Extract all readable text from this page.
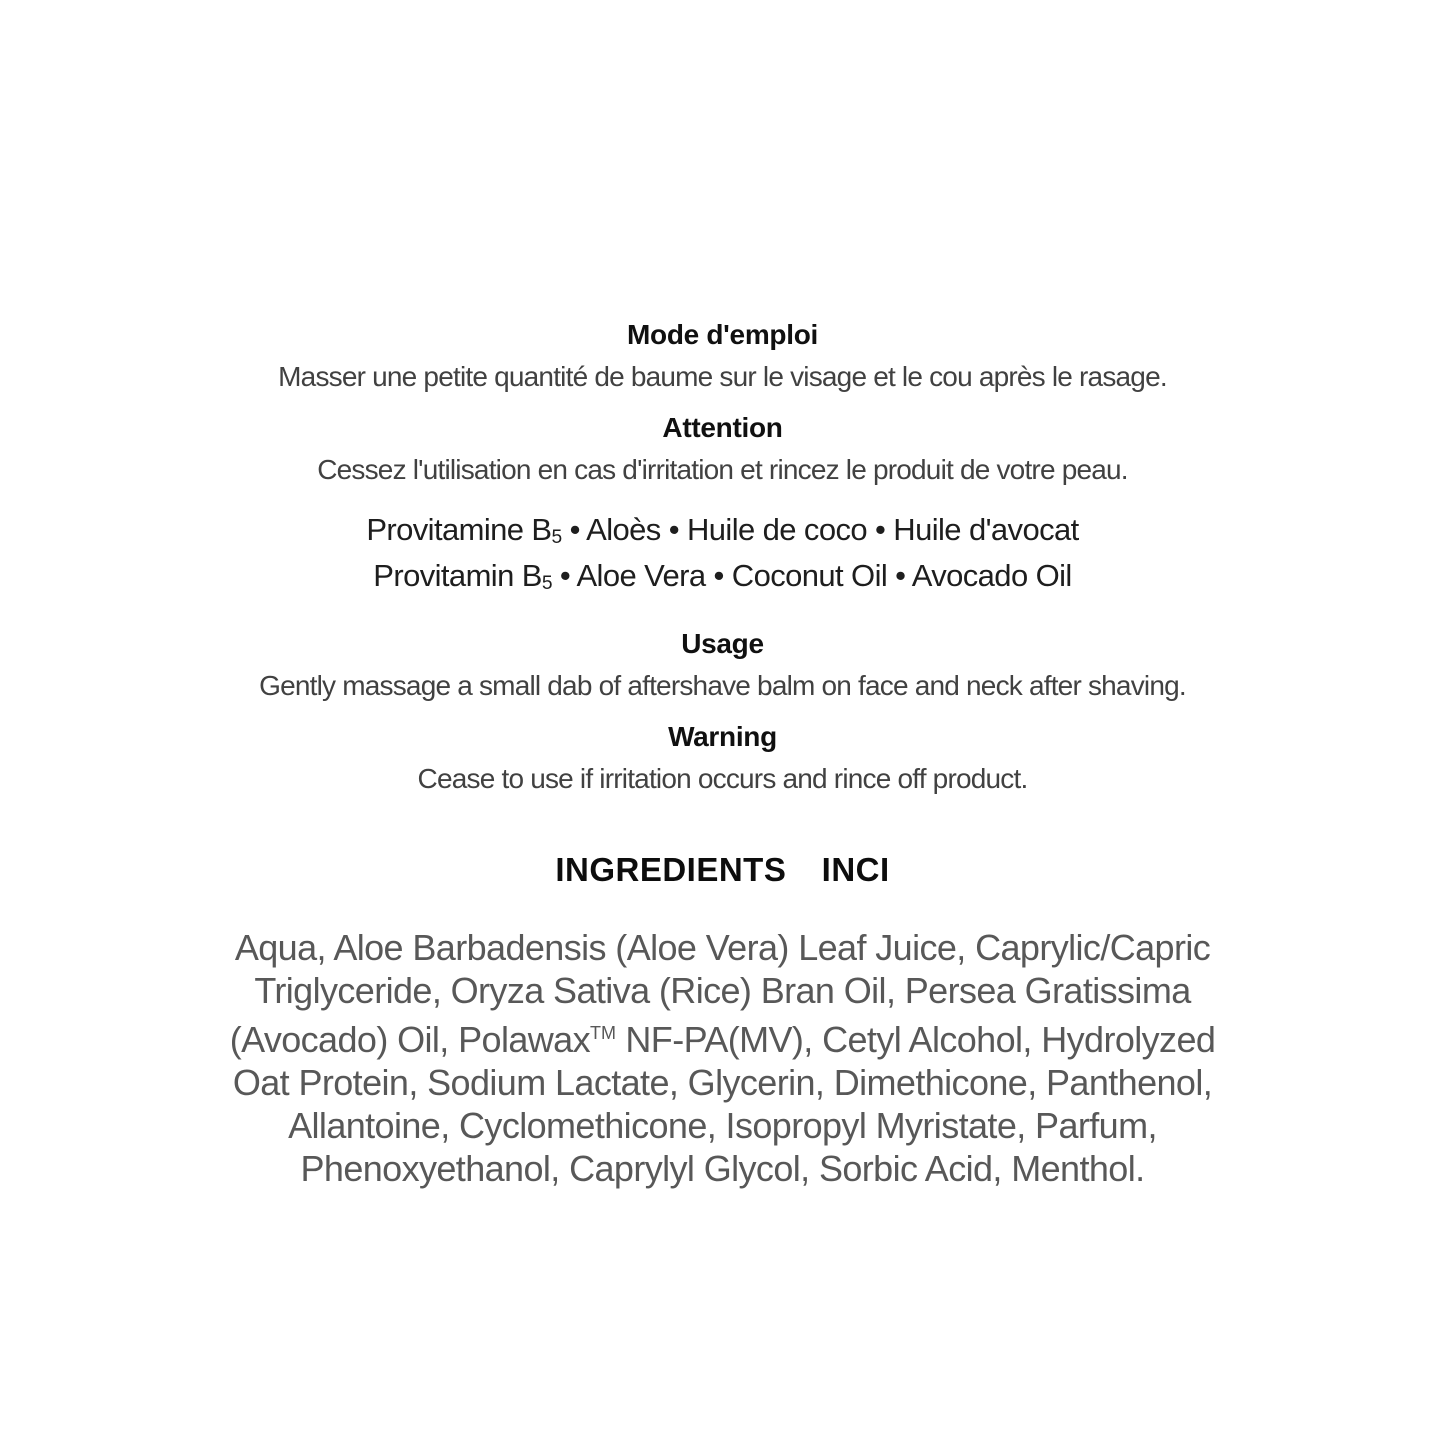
Mode d'emploi
Masser une petite quantité de baume sur le visage et le cou après le rasage.
Attention
Cessez l'utilisation en cas d'irritation et rincez le produit de votre peau.
Provitamine $B_5$ • Aloès • Huile de coco • Huile d'avocat
Provitamin $B_5$ • Aloe Vera • Coconut Oil • Avocado Oil
Usage
Gently massage a small dab of aftershave balm on face and neck after shaving.
Warning
Cease to use if irritation occurs and rince off product.
INGREDIENTS  INCI
Aqua, Aloe Barbadensis (Aloe Vera) Leaf Juice, Caprylic/Capric
Triglyceride, Oryza Sativa (Rice) Bran Oil, Persea Gratissima
(Avocado) Oil, Polawax™ NF-PA(MV), Cetyl Alcohol, Hydrolyzed
Oat Protein, Sodium Lactate, Glycerin, Dimethicone, Panthenol,
Allantoine, Cyclomethicone, Isopropyl Myristate, Parfum,
Phenoxyethanol, Caprylyl Glycol, Sorbic Acid, Menthol.
